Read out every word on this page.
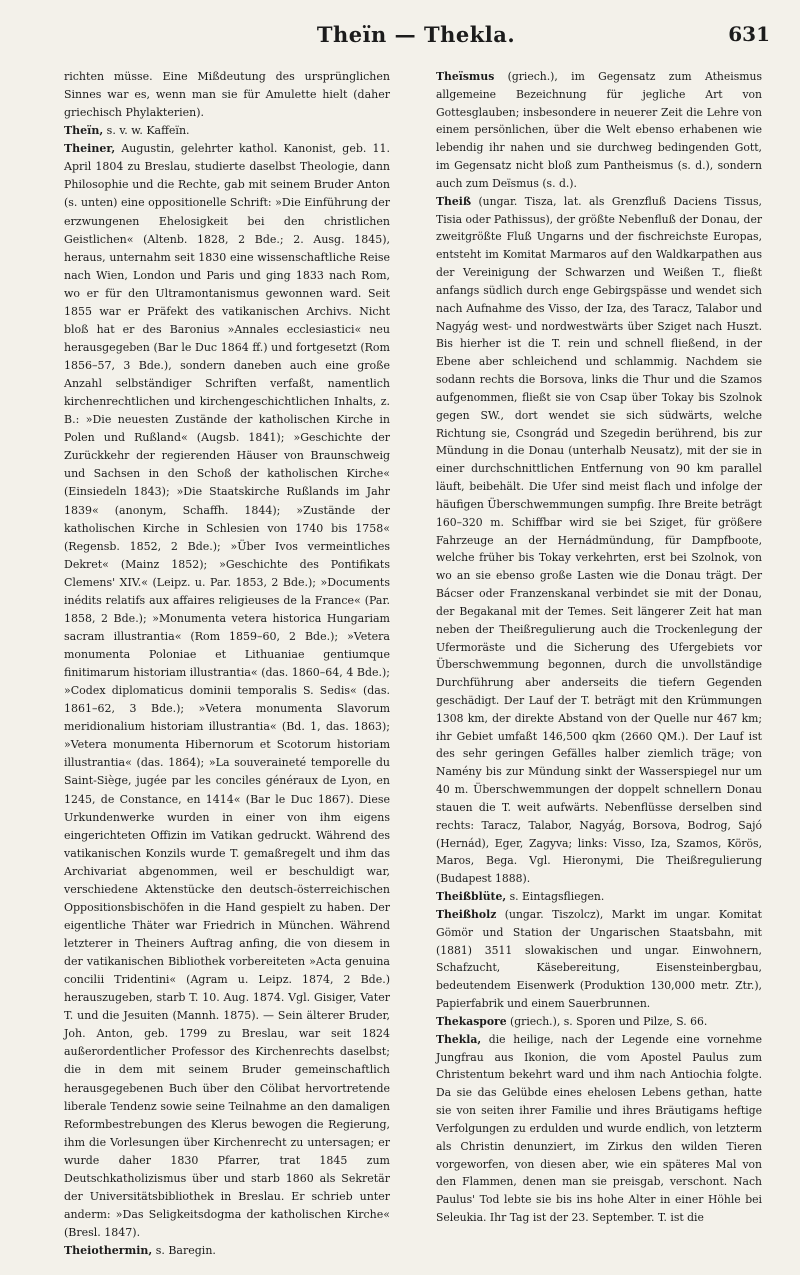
Theïn — Thekla.	631

richten müsse. Eine Mißdeutung des ursprünglichen Sinnes war es, wenn man sie für Amulette hielt (daher griechisch Phylakterien).

Theïn, s. v. w. Kaffeïn.

Theiner, Augustin, gelehrter kathol. Kanonist, geb. 11. April 1804 zu Breslau, studierte daselbst Theologie, dann Philosophie und die Rechte, gab mit seinem Bruder Anton (s. unten) eine oppositionelle Schrift: »Die Einführung der erzwungenen Ehelosigkeit bei den christlichen Geistlichen« (Altenb. 1828, 2 Bde.; 2. Ausg. 1845), heraus, unternahm seit 1830 eine wissenschaftliche Reise nach Wien, London und Paris und ging 1833 nach Rom, wo er für den Ultramontanismus gewonnen ward. Seit 1855 war er Präfekt des vatikanischen Archivs. Nicht bloß hat er des Baronius »Annales ecclesiastici« neu herausgegeben (Bar le Duc 1864 ff.) und fortgesetzt (Rom 1856–57, 3 Bde.), sondern daneben auch eine große Anzahl selbständiger Schriften verfaßt, namentlich kirchenrechtlichen und kirchengeschichtlichen Inhalts, z. B.: »Die neuesten Zustände der katholischen Kirche in Polen und Rußland« (Augsb. 1841); »Geschichte der Zurückkehr der regierenden Häuser von Braunschweig und Sachsen in den Schoß der katholischen Kirche« (Einsiedeln 1843); »Die Staatskirche Rußlands im Jahr 1839« (anonym, Schaffh. 1844); »Zustände der katholischen Kirche in Schlesien von 1740 bis 1758« (Regensb. 1852, 2 Bde.); »Über Ivos vermeintliches Dekret« (Mainz 1852); »Geschichte des Pontifikats Clemens' XIV.« (Leipz. u. Par. 1853, 2 Bde.); »Documents inédits relatifs aux affaires religieuses de la France« (Par. 1858, 2 Bde.); »Monumenta vetera historica Hungariam sacram illustrantia« (Rom 1859–60, 2 Bde.); »Vetera monumenta Poloniae et Lithuaniae gentiumque finitimarum historiam illustrantia« (das. 1860–64, 4 Bde.); »Codex diplomaticus dominii temporalis S. Sedis« (das. 1861–62, 3 Bde.); »Vetera monumenta Slavorum meridionalium historiam illustrantia« (Bd. 1, das. 1863); »Vetera monumenta Hibernorum et Scotorum historiam illustrantia« (das. 1864); »La souveraineté temporelle du Saint-Siège, jugée par les conciles généraux de Lyon, en 1245, de Constance, en 1414« (Bar le Duc 1867). Diese Urkundenwerke wurden in einer von ihm eigens eingerichteten Offizin im Vatikan gedruckt. Während des vatikanischen Konzils wurde T. gemaßregelt und ihm das Archivariat abgenommen, weil er beschuldigt war, verschiedene Aktenstücke den deutsch-österreichischen Oppositionsbischöfen in die Hand gespielt zu haben. Der eigentliche Thäter war Friedrich in München. Während letzterer in Theiners Auftrag anfing, die von diesem in der vatikanischen Bibliothek vorbereiteten »Acta genuina concilii Tridentini« (Agram u. Leipz. 1874, 2 Bde.) herauszugeben, starb T. 10. Aug. 1874. Vgl. Gisiger, Vater T. und die Jesuiten (Mannh. 1875). — Sein älterer Bruder, Joh. Anton, geb. 1799 zu Breslau, war seit 1824 außerordentlicher Professor des Kirchenrechts daselbst; die in dem mit seinem Bruder gemeinschaftlich herausgegebenen Buch über den Cölibat hervortretende liberale Tendenz sowie seine Teilnahme an den damaligen Reformbestrebungen des Klerus bewogen die Regierung, ihm die Vorlesungen über Kirchenrecht zu untersagen; er wurde daher 1830 Pfarrer, trat 1845 zum Deutschkatholizismus über und starb 1860 als Sekretär der Universitätsbibliothek in Breslau. Er schrieb unter anderm: »Das Seligkeitsdogma der katholischen Kirche« (Bresl. 1847).

Theiothermin, s. Baregin.

Theïsmus (griech.), im Gegensatz zum Atheismus allgemeine Bezeichnung für jegliche Art von Gottesglauben; insbesondere in neuerer Zeit die Lehre von einem persönlichen, über die Welt ebenso erhabenen wie lebendig ihr nahen und sie durchweg bedingenden Gott, im Gegensatz nicht bloß zum Pantheismus (s. d.), sondern auch zum Deïsmus (s. d.).

Theiß (ungar. Tisza, lat. als Grenzfluß Daciens Tissus, Tisia oder Pathissus), der größte Nebenfluß der Donau, der zweitgrößte Fluß Ungarns und der fischreichste Europas, entsteht im Komitat Marmaros auf den Waldkarpathen aus der Vereinigung der Schwarzen und Weißen T., fließt anfangs südlich durch enge Gebirgspässe und wendet sich nach Aufnahme des Visso, der Iza, des Taracz, Talabor und Nagyág west- und nordwestwärts über Sziget nach Huszt. Bis hierher ist die T. rein und schnell fließend, in der Ebene aber schleichend und schlammig. Nachdem sie sodann rechts die Borsova, links die Thur und die Szamos aufgenommen, fließt sie von Csap über Tokay bis Szolnok gegen SW., dort wendet sie sich südwärts, welche Richtung sie, Csongrád und Szegedin berührend, bis zur Mündung in die Donau (unterhalb Neusatz), mit der sie in einer durchschnittlichen Entfernung von 90 km parallel läuft, beibehält. Die Ufer sind meist flach und infolge der häufigen Überschwemmungen sumpfig. Ihre Breite beträgt 160–320 m. Schiffbar wird sie bei Sziget, für größere Fahrzeuge an der Hernádmündung, für Dampfboote, welche früher bis Tokay verkehrten, erst bei Szolnok, von wo an sie ebenso große Lasten wie die Donau trägt. Der Bácser oder Franzenskanal verbindet sie mit der Donau, der Begakanal mit der Temes. Seit längerer Zeit hat man neben der Theißregulierung auch die Trockenlegung der Ufermoräste und die Sicherung des Ufergebiets vor Überschwemmung begonnen, durch die unvollständige Durchführung aber anderseits die tiefern Gegenden geschädigt. Der Lauf der T. beträgt mit den Krümmungen 1308 km, der direkte Abstand von der Quelle nur 467 km; ihr Gebiet umfaßt 146,500 qkm (2660 QM.). Der Lauf ist des sehr geringen Gefälles halber ziemlich träge; von Namény bis zur Mündung sinkt der Wasserspiegel nur um 40 m. Überschwemmungen der doppelt schnellern Donau stauen die T. weit aufwärts. Nebenflüsse derselben sind rechts: Taracz, Talabor, Nagyág, Borsova, Bodrog, Sajó (Hernád), Eger, Zagyva; links: Visso, Iza, Szamos, Körös, Maros, Bega. Vgl. Hieronymi, Die Theißregulierung (Budapest 1888).

Theißblüte, s. Eintagsfliegen.

Theißholz (ungar. Tiszolcz), Markt im ungar. Komitat Gömör und Station der Ungarischen Staatsbahn, mit (1881) 3511 slowakischen und ungar. Einwohnern, Schafzucht, Käsebereitung, Eisensteinbergbau, bedeutendem Eisenwerk (Produktion 130,000 metr. Ztr.), Papierfabrik und einem Sauerbrunnen.

Thekaspore (griech.), s. Sporen und Pilze, S. 66.

Thekla, die heilige, nach der Legende eine vornehme Jungfrau aus Ikonion, die vom Apostel Paulus zum Christentum bekehrt ward und ihm nach Antiochia folgte. Da sie das Gelübde eines ehelosen Lebens gethan, hatte sie von seiten ihrer Familie und ihres Bräutigams heftige Verfolgungen zu erdulden und wurde endlich, von letzterm als Christin denunziert, im Zirkus den wilden Tieren vorgeworfen, von diesen aber, wie ein späteres Mal von den Flammen, denen man sie preisgab, verschont. Nach Paulus' Tod lebte sie bis ins hohe Alter in einer Höhle bei Seleukia. Ihr Tag ist der 23. September. T. ist die
